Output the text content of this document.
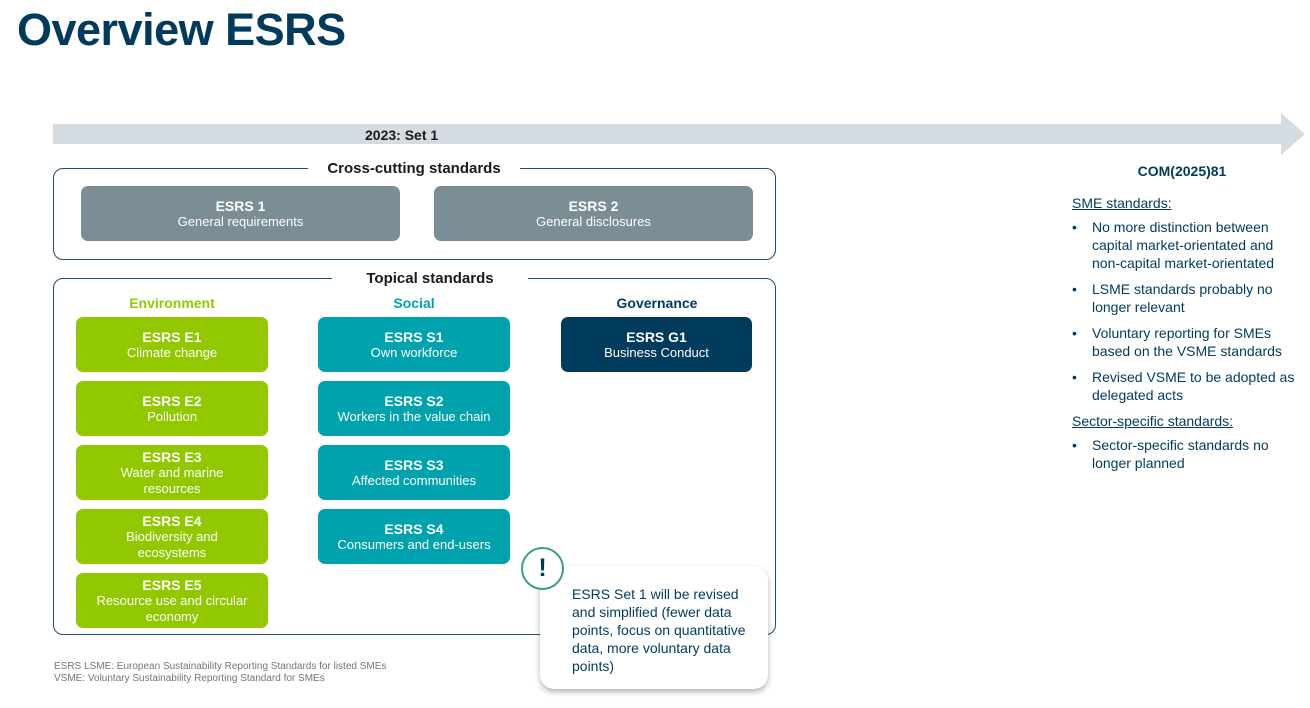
Overview ESRS
2023: Set 1
Cross-cutting standards
ESRS 1
General requirements
ESRS 2
General disclosures
Topical standards
Environment	Social	Governance
ESRS E1
Climate change
ESRS E2
Pollution
ESRS E3
Water and marine resources
ESRS E4
Biodiversity and ecosystems
ESRS E5
Resource use and circular economy
ESRS S1
Own workforce
ESRS S2
Workers in the value chain
ESRS S3
Affected communities
ESRS S4
Consumers and end-users
ESRS G1
Business Conduct
ESRS Set 1 will be revised and simplified (fewer data points, focus on quantitative data, more voluntary data points)
!
ESRS LSME: European Sustainability Reporting Standards for listed SMEs
VSME: Voluntary Sustainability Reporting Standard for SMEs
COM(2025)81
SME standards:
•	No more distinction between capital market-orientated and non-capital market-orientated
•	LSME standards probably no longer relevant
•	Voluntary reporting for SMEs based on the VSME standards
•	Revised VSME to be adopted as delegated acts
Sector-specific standards:
•	Sector-specific standards no longer planned
